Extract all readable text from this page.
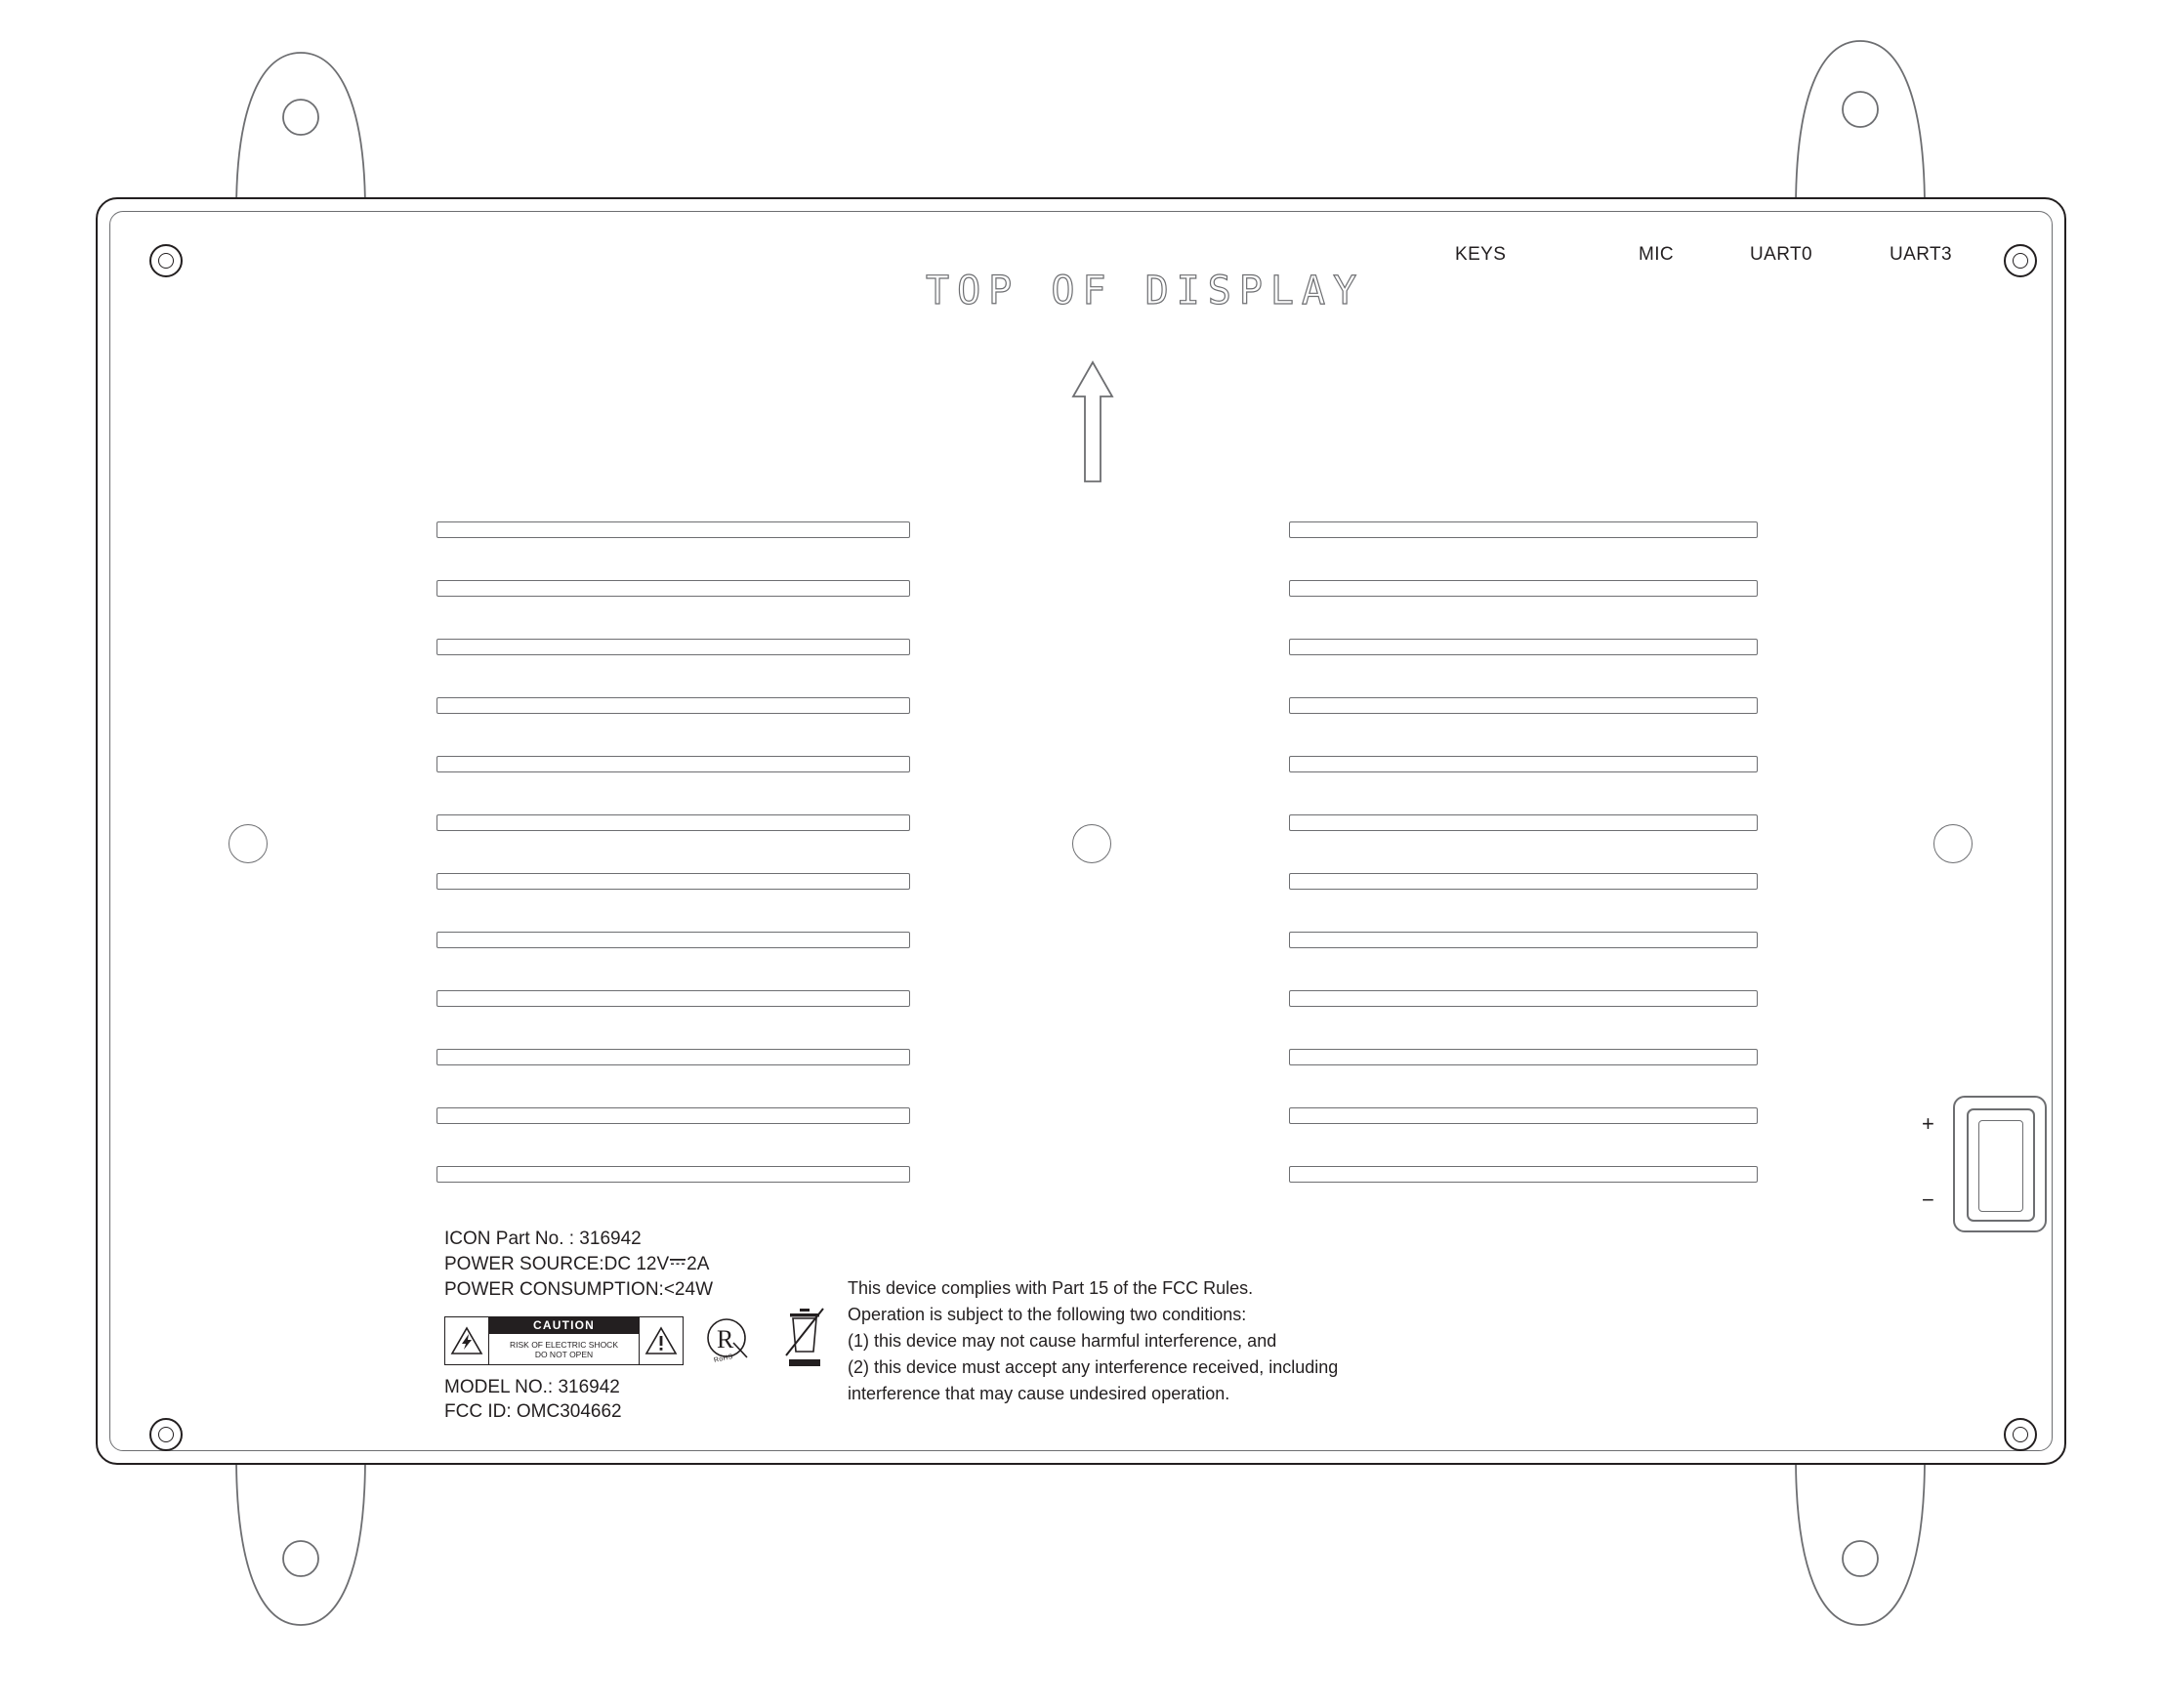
KEYS	MIC	UART0	UART3
TOP OF DISPLAY
+
−
ICON Part No. : 316942
POWER SOURCE:DC 12V 2A
POWER CONSUMPTION:<24W
CAUTION
RISK OF ELECTRIC SHOCK
DO NOT OPEN
R
RoHS
This device complies with Part 15 of the FCC Rules.
Operation is subject to the following two conditions:
(1) this device may not cause harmful interference, and
(2) this device must accept any interference received, including
interference that may cause undesired operation.
MODEL NO.: 316942
FCC ID: OMC304662
